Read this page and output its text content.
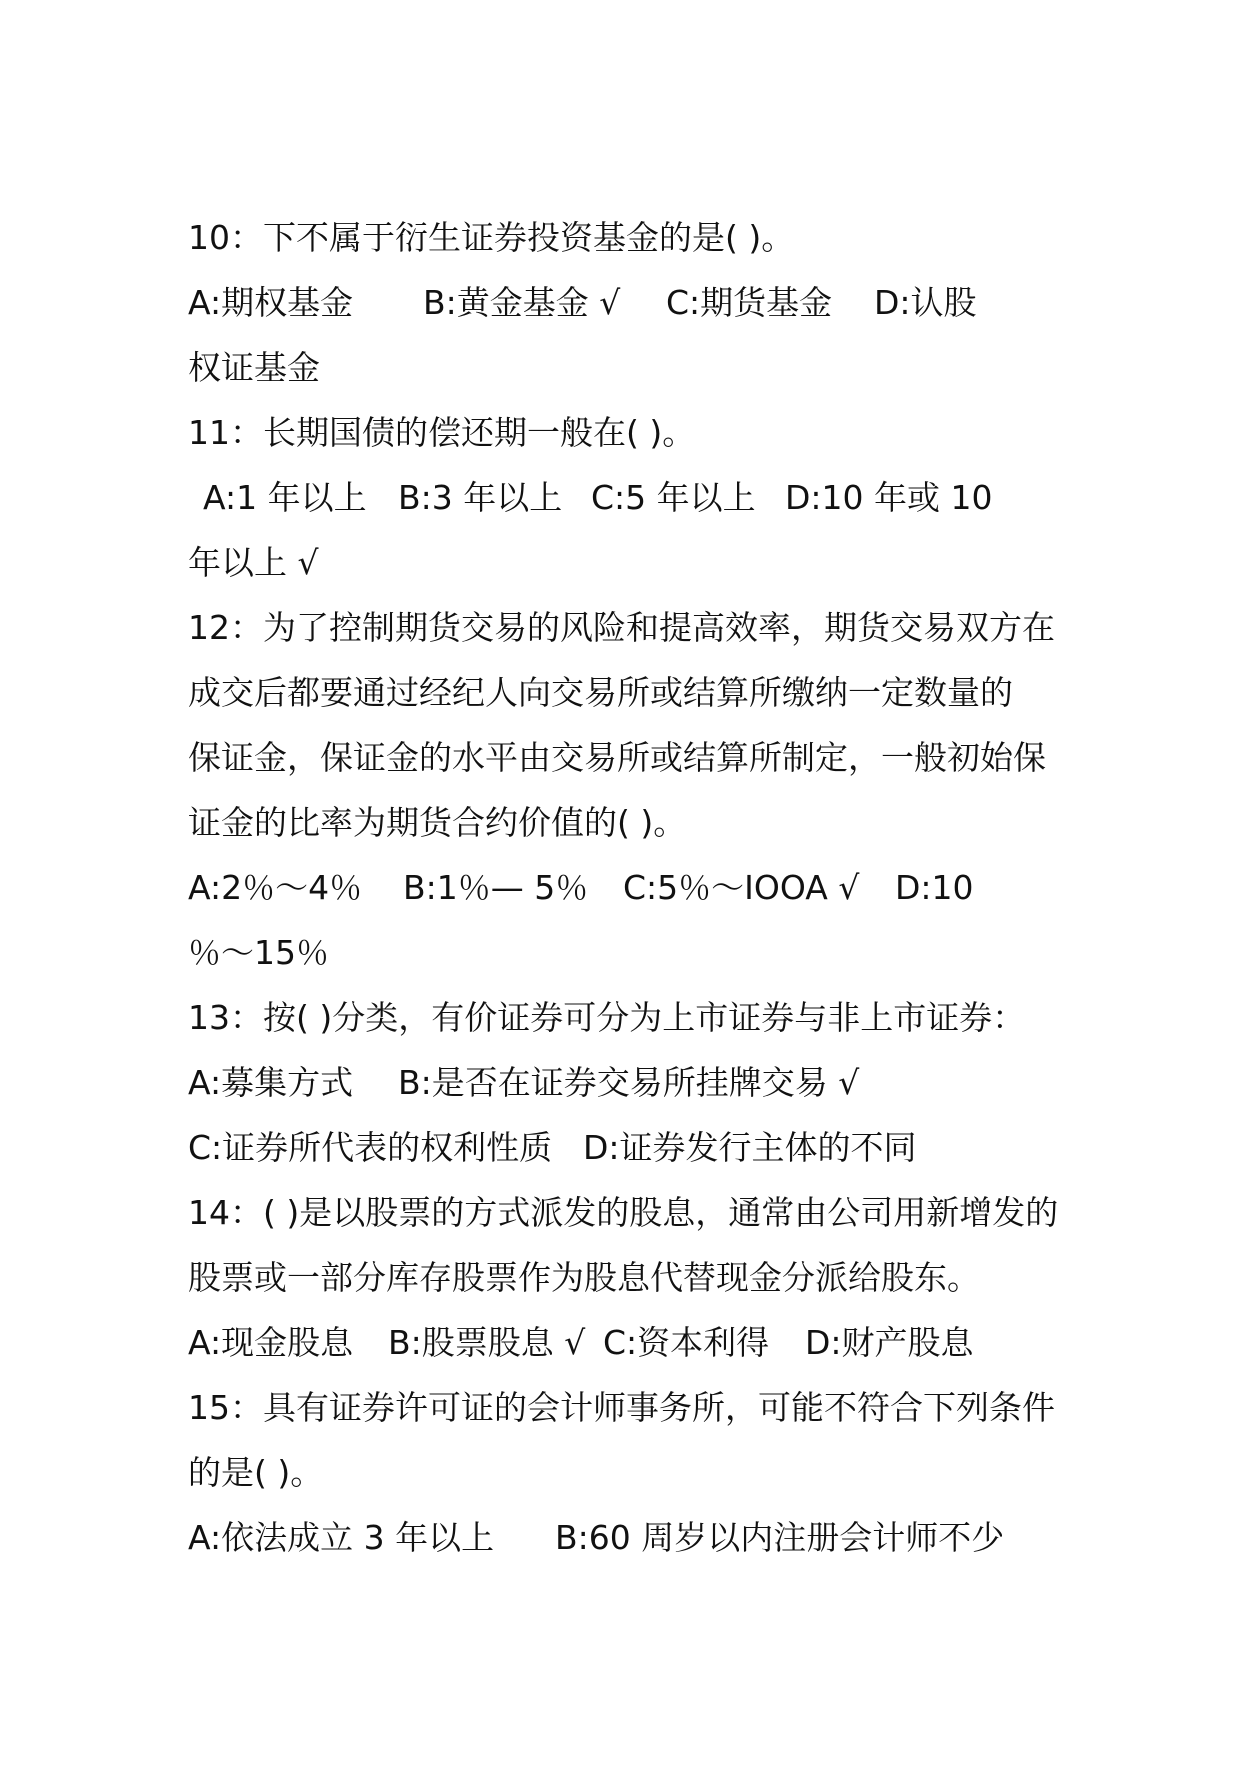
10：下不属于衍生证券投资基金的是( )。

A:期权基金

B:黄金基金 √

C:期货基金

D:认股

权证基金

11：长期国债的偿还期一般在( )。

A:1 年以上

B:3 年以上

C:5 年以上

D:10 年或 10

年以上 √

12：为了控制期货交易的风险和提高效率，期货交易双方在

成交后都要通过经纪人向交易所或结算所缴纳一定数量的

保证金，保证金的水平由交易所或结算所制定，一般初始保

证金的比率为期货合约价值的( )。

A:2％～4％

B:1％— 5％

C:5％～IOOA √

D:10

％～15％

13：按( )分类，有价证券可分为上市证券与非上市证券：

A:募集方式

B:是否在证券交易所挂牌交易 √

C:证券所代表的权利性质

D:证券发行主体的不同

14：( )是以股票的方式派发的股息，通常由公司用新增发的

股票或一部分库存股票作为股息代替现金分派给股东。

A:现金股息

B:股票股息 √

C:资本利得

D:财产股息

15：具有证券许可证的会计师事务所，可能不符合下列条件

的是( )。

A:依法成立 3 年以上

B:60 周岁以内注册会计师不少
